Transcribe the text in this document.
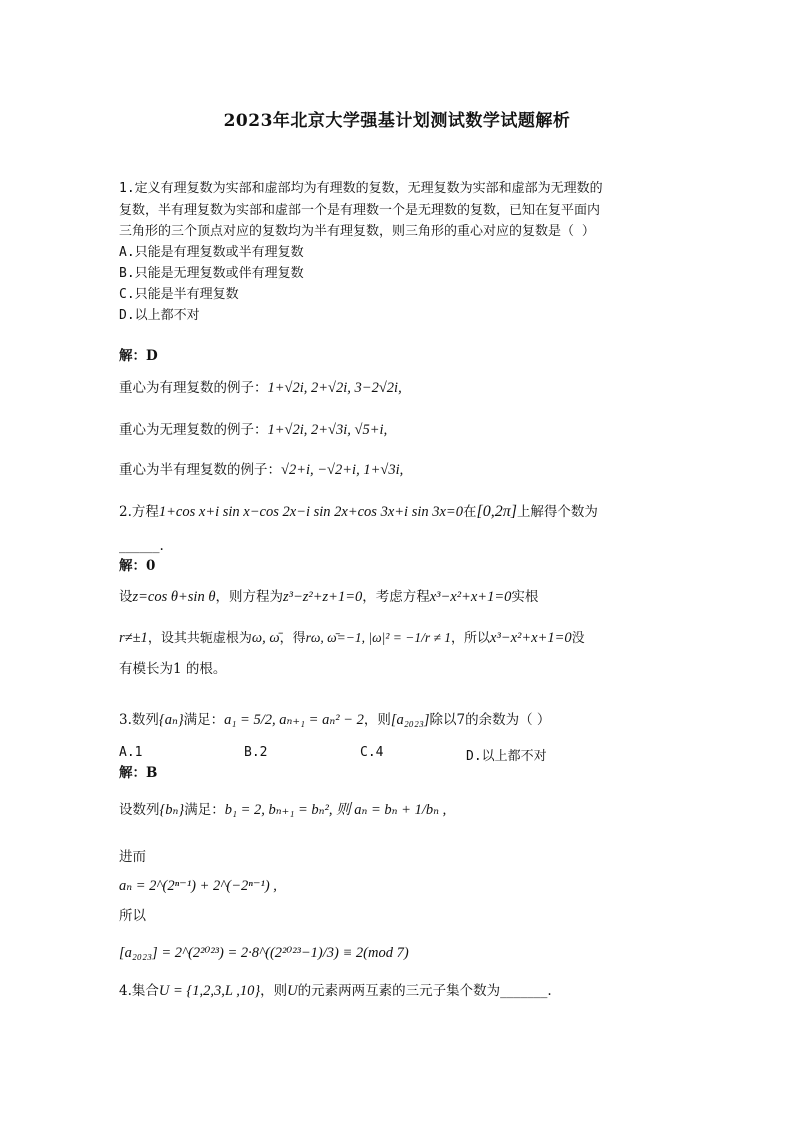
2023年北京大学强基计划测试数学试题解析
1.定义有理复数为实部和虚部均为有理数的复数，无理复数为实部和虚部为无理数的
复数，半有理复数为实部和虚部一个是有理数一个是无理数的复数，已知在复平面内
三角形的三个顶点对应的复数均为半有理复数，则三角形的重心对应的复数是（ ）
A.只能是有理复数或半有理复数
B.只能是无理复数或伴有理复数
C.只能是半有理复数
D.以上都不对
解：D
重心为有理复数的例子：1+√2i, 2+√2i, 3−2√2i,
重心为无理复数的例子：1+√2i, 2+√3i, √5+i,
重心为半有理复数的例子：√2+i, −√2+i, 1+√3i,
2.方程1+cos x+i sin x−cos 2x−i sin 2x+cos 3x+i sin 3x=0在[0,2π]上解得个数为
______.
解：0
设z=cos θ+sin θ，则方程为z³−z²+z+1=0，考虑方程x³−x²+x+1=0实根
r≠±1，设其共轭虚根为ω, ω̄，得rω, ω̄=−1, |ω|² = −1/r ≠ 1，所以x³−x²+x+1=0没
有模长为1 的根。
3.数列{aₙ}满足：a₁ = 5/2, aₙ₊₁ = aₙ² − 2，则[a₂₀₂₃]除以7的余数为（ ）
A.1	B.2	C.4	D.以上都不对
解：B
设数列{bₙ}满足：b₁ = 2, bₙ₊₁ = bₙ², 则 aₙ = bₙ + 1/bₙ ,
进而
aₙ = 2^(2ⁿ⁻¹) + 2^(−2ⁿ⁻¹) ,
所以
[a₂₀₂₃] = 2^(2²⁰²³) = 2·8^((2²⁰²³−1)/3) ≡ 2(mod 7)
4.集合U = {1,2,3,L ,10}，则U的元素两两互素的三元子集个数为_______.
